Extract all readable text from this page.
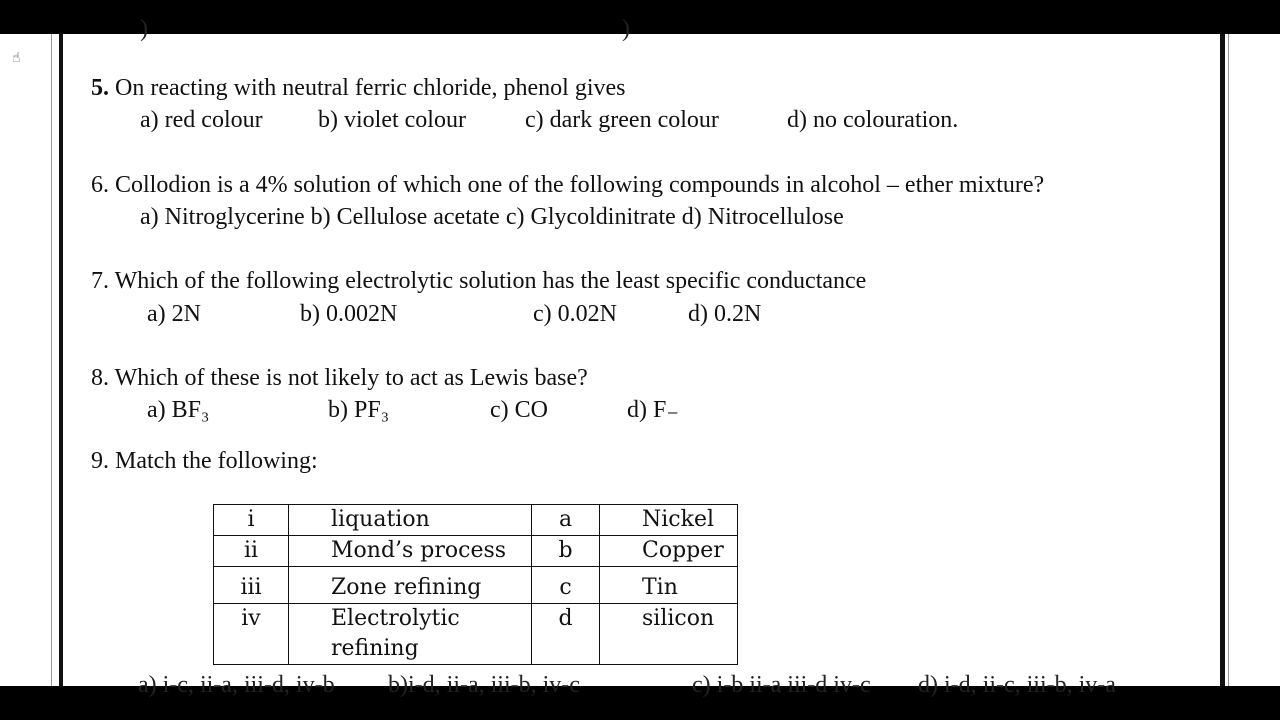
☝
)	)
5. On reacting with neutral ferric chloride, phenol gives
a) red colour b) violet colour c) dark green colour	d) no colouration.
6. Collodion is a 4% solution of which one of the following compounds in alcohol – ether mixture?
a) Nitroglycerine b) Cellulose acetate c) Glycoldinitrate d) Nitrocellulose
7. Which of the following electrolytic solution has the least specific conductance
a) 2N	b) 0.002N	c) 0.02N	d) 0.2N
8. Which of these is not likely to act as Lewis base?
a) BF₃	b) PF₃	c) CO	d) F₋
9. Match the following:
i	liquation	a	Nickel
ii	Mond’s process	b	Copper
iii	Zone refining	c	Tin
iv	Electrolytic refining	d	silicon
a) i-c, ii-a, iii-d, iv-b b)i-d, ii-a, iii-b, iv-c	c) i-b ii-a iii-d iv-c d) i-d, ii-c, iii-b, iv-a
